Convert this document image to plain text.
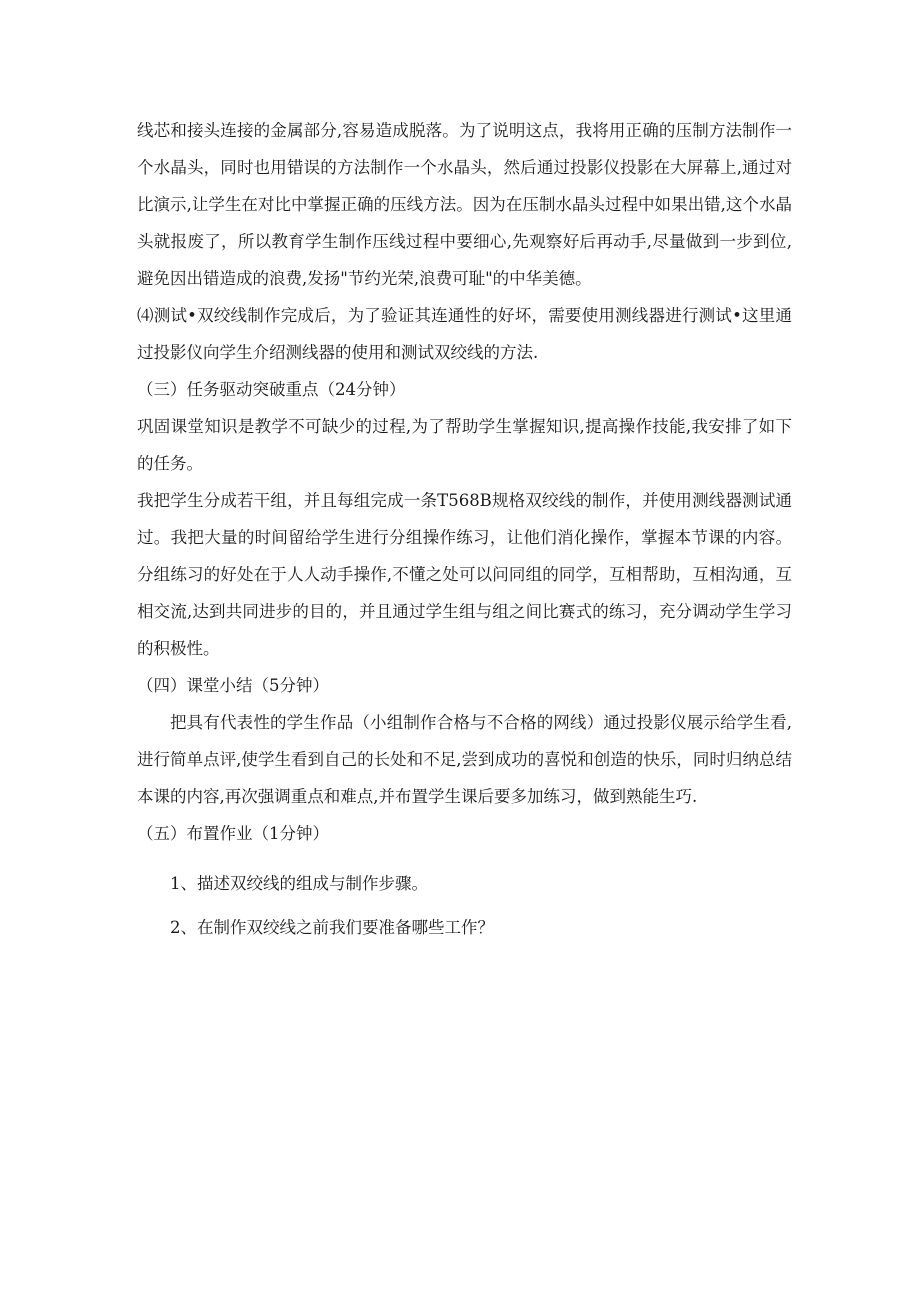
线芯和接头连接的金属部分,容易造成脱落。为了说明这点，我将用正确的压制方法制作一个水晶头，同时也用错误的方法制作一个水晶头，然后通过投影仪投影在大屏幕上,通过对比演示,让学生在对比中掌握正确的压线方法。因为在压制水晶头过程中如果出错,这个水晶头就报废了，所以教育学生制作压线过程中要细心,先观察好后再动手,尽量做到一步到位,避免因出错造成的浪费,发扬"节约光荣,浪费可耻"的中华美德。

⑷测试•双绞线制作完成后，为了验证其连通性的好坏，需要使用测线器进行测试•这里通过投影仪向学生介绍测线器的使用和测试双绞线的方法.

（三）任务驱动突破重点（24分钟）

巩固课堂知识是教学不可缺少的过程,为了帮助学生掌握知识,提高操作技能,我安排了如下的任务。

我把学生分成若干组，并且每组完成一条T568B规格双绞线的制作，并使用测线器测试通过。我把大量的时间留给学生进行分组操作练习，让他们消化操作，掌握本节课的内容。分组练习的好处在于人人动手操作,不懂之处可以问同组的同学，互相帮助，互相沟通，互相交流,达到共同进步的目的，并且通过学生组与组之间比赛式的练习，充分调动学生学习的积极性。

（四）课堂小结（5分钟）

把具有代表性的学生作品（小组制作合格与不合格的网线）通过投影仪展示给学生看,进行简单点评,使学生看到自己的长处和不足,尝到成功的喜悦和创造的快乐，同时归纳总结本课的内容,再次强调重点和难点,并布置学生课后要多加练习，做到熟能生巧.

（五）布置作业（1分钟）

1、描述双绞线的组成与制作步骤。

2、在制作双绞线之前我们要准备哪些工作？
